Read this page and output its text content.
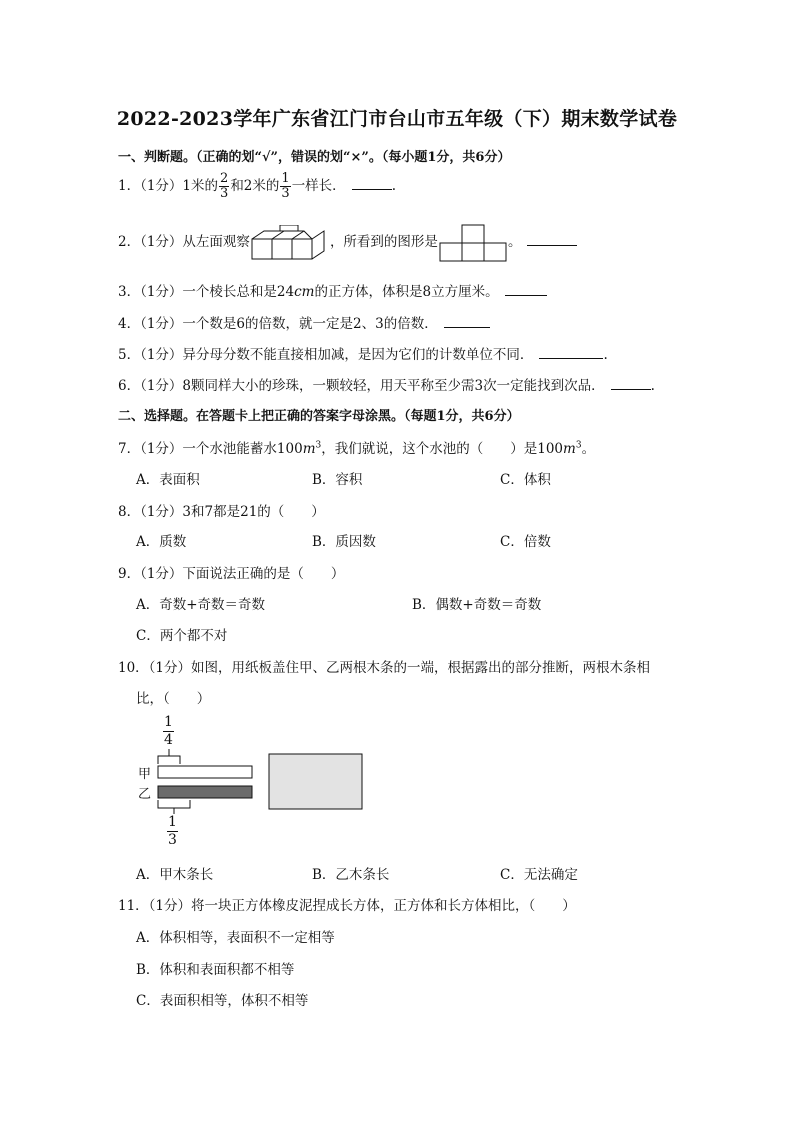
2022-2023学年广东省江门市台山市五年级（下）期末数学试卷
一、判断题。（正确的划“√”，错误的划“×”。（每小题1分，共6分）
1．（1分）1米的 $\frac{2}{3}$ 和2米的 $\frac{1}{3}$ 一样长．	.
2．（1分）从左面观察	，所看到的图形是	。
3．（1分）一个棱长总和是24cm的正方体，体积是8立方厘米。
4．（1分）一个数是6的倍数，就一定是2、3的倍数．
5．（1分）异分母分数不能直接相加减，是因为它们的计数单位不同．	.
6．（1分）8颗同样大小的珍珠，一颗较轻，用天平称至少需3次一定能找到次品．	.
二、选择题。在答题卡上把正确的答案字母涂黑。（每题1分，共6分）
7．（1分）一个水池能蓄水$100m^3$，我们就说，这个水池的（　　）是$100m^3$。
A．表面积	B．容积	C．体积
8．（1分）3和7都是21的（　　）
A．质数	B．质因数	C．倍数
9．（1分）下面说法正确的是（　　）
A．奇数+奇数＝奇数	B．偶数+奇数＝奇数
C．两个都不对
10．（1分）如图，用纸板盖住甲、乙两根木条的一端，根据露出的部分推断，两根木条相
比，（　　）
$\frac{1}{4}$
甲
乙
$\frac{1}{3}$
A．甲木条长	B．乙木条长	C．无法确定
11．（1分）将一块正方体橡皮泥捏成长方体，正方体和长方体相比，（　　）
A．体积相等，表面积不一定相等
B．体积和表面积都不相等
C．表面积相等，体积不相等
